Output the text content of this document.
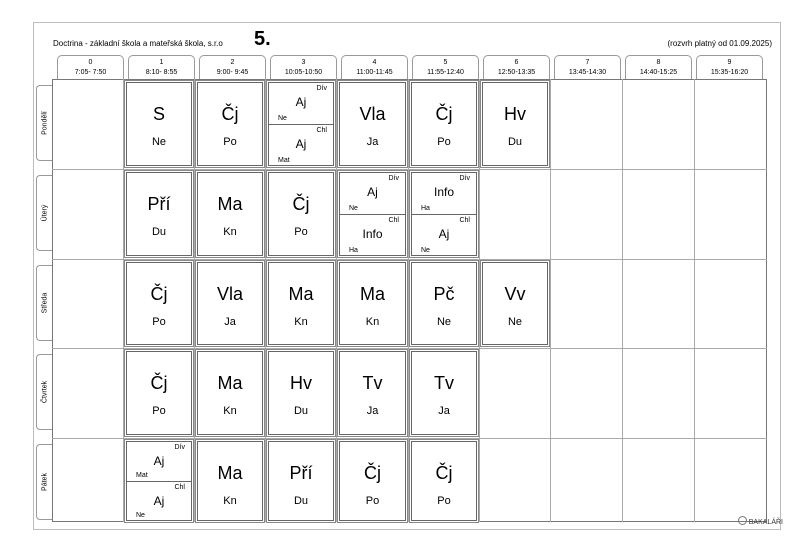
Doctrina - základní škola a mateřská škola, s.r.o 5.	(rozvrh platný od 01.09.2025)
0
7:05- 7:50
1
8:10- 8:55
2
9:00- 9:45
3
10:05-10:50
4
11:00-11:45
5
11:55-12:40
6
12:50-13:35
7
13:45-14:30
8
14:40-15:25
9
15:35-16:20
Pondělí
Úterý
Středa
Čtvrtek
Pátek
S
Ne
Čj
Po
Dív
Aj
Ne
Chl
Aj
Mat
Vla
Ja
Čj
Po
Hv
Du
Pří
Du
Ma
Kn
Čj
Po
Dív
Aj
Ne
Chl
Info
Ha
Dív
Info
Ha
Chl
Aj
Ne
Čj
Po
Vla
Ja
Ma
Kn
Ma
Kn
Pč
Ne
Vv
Ne
Čj
Po
Ma
Kn
Hv
Du
Tv
Ja
Tv
Ja
Dív
Aj
Mat
Chl
Aj
Ne
Ma
Kn
Pří
Du
Čj
Po
Čj
Po
BAKALÁŘI
